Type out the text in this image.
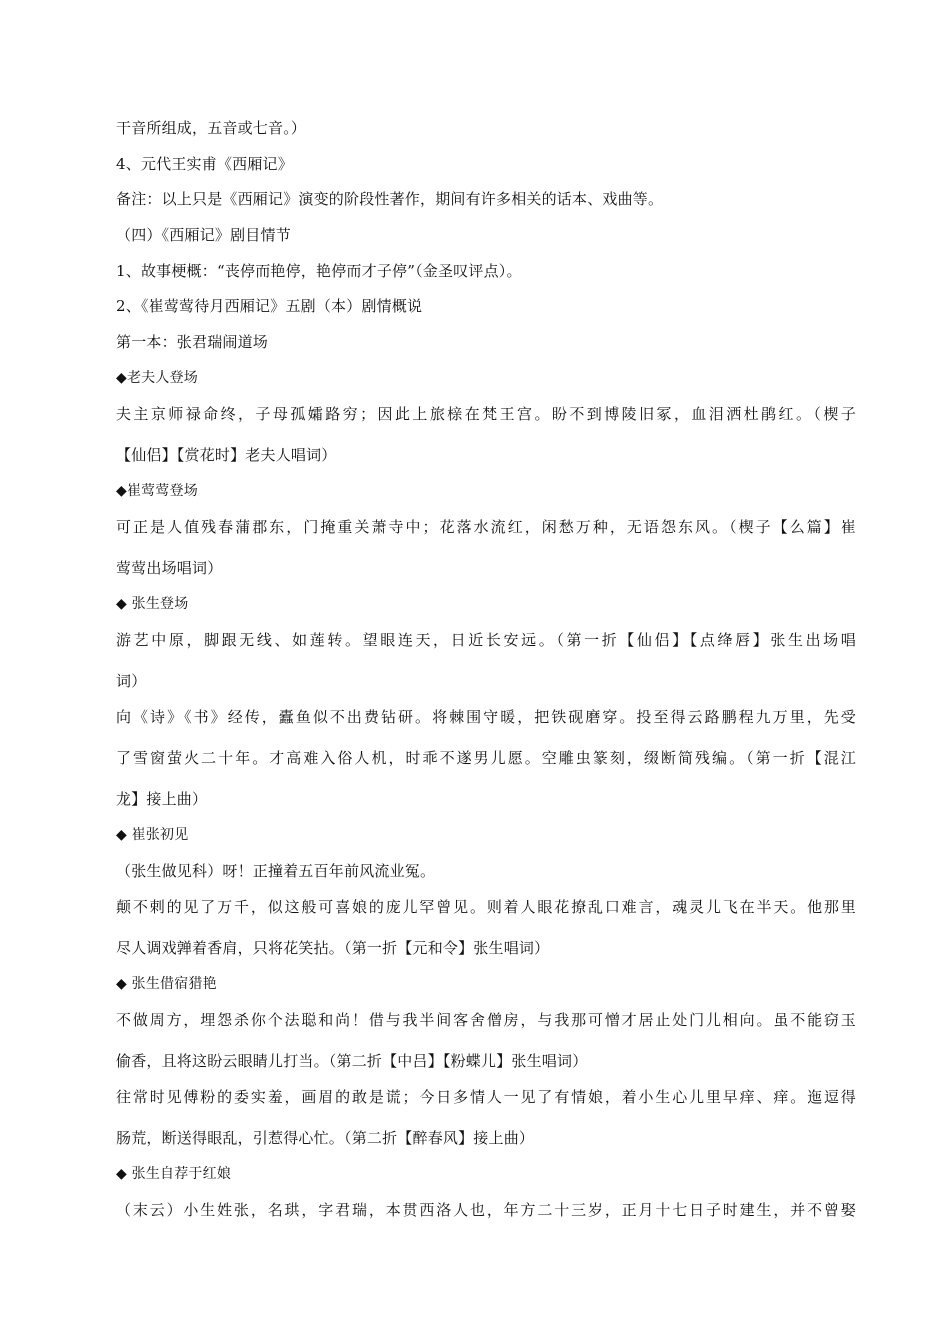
干音所组成，五音或七音。）
4、元代王实甫《西厢记》
备注：以上只是《西厢记》演变的阶段性著作，期间有许多相关的话本、戏曲等。
（四）《西厢记》剧目情节
1、故事梗概：“丧停而艳停，艳停而才子停”（金圣叹评点）。
2、《崔莺莺待月西厢记》五剧（本）剧情概说
第一本：张君瑞闹道场
◆老夫人登场
夫主京师禄命终，子母孤孀路穷；因此上旅榇在梵王宫。盼不到博陵旧冢，血泪洒杜鹃红。（楔子
【仙侣】【赏花时】老夫人唱词）
◆崔莺莺登场
可正是人值残春蒲郡东，门掩重关萧寺中；花落水流红，闲愁万种，无语怨东风。（楔子【么篇】崔
莺莺出场唱词）
◆ 张生登场
游艺中原，脚跟无线、如莲转。望眼连天，日近长安远。（第一折【仙侣】【点绛唇】张生出场唱
词）
向《诗》《书》经传，蠹鱼似不出费钻研。将棘围守暖，把铁砚磨穿。投至得云路鹏程九万里，先受
了雪窗萤火二十年。才高难入俗人机，时乖不遂男儿愿。空雕虫篆刻，缀断简残编。（第一折【混江
龙】接上曲）
◆ 崔张初见
（张生做见科）呀！正撞着五百年前风流业冤。
颠不剌的见了万千，似这般可喜娘的庞儿罕曾见。则着人眼花撩乱口难言，魂灵儿飞在半天。他那里
尽人调戏亸着香肩，只将花笑拈。（第一折【元和令】张生唱词）
◆ 张生借宿猎艳
不做周方，埋怨杀你个法聪和尚！借与我半间客舍僧房，与我那可憎才居止处门儿相向。虽不能窃玉
偷香，且将这盼云眼睛儿打当。（第二折【中吕】【粉蝶儿】张生唱词）
往常时见傅粉的委实羞，画眉的敢是谎；今日多情人一见了有情娘，着小生心儿里早痒、痒。迤逗得
肠荒，断送得眼乱，引惹得心忙。（第二折【醉春风】接上曲）
◆ 张生自荐于红娘
（末云）小生姓张，名珙，字君瑞，本贯西洛人也，年方二十三岁，正月十七日子时建生，并不曾娶
